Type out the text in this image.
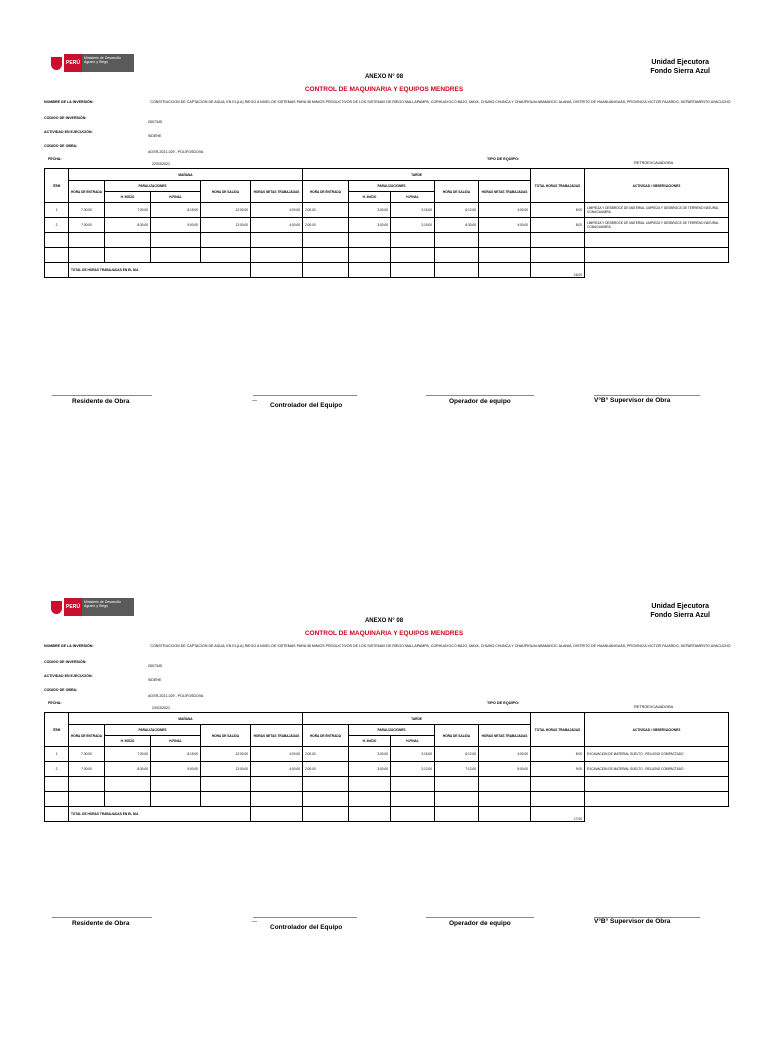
PERÚ
Ministerio de Desarrollo Agrario y Riego	Unidad Ejecutora
Fondo Sierra Azul
ANEXO N° 08
CONTROL DE MAQUINARIA Y EQUIPOS MENDRES
NOMBRE DE LA INVERSIÓN:	CONSTRUCCION DE CAPTACION DE AGUA; EN EL(LA) RIEGO A NIVEL DE SISTEMAS PARA 36 MINIOS PRODUCTIVOS DE LOS SISTEMAS DE RIEGO MALLAPAMPA, CORHUAYOCO BAJO, MAYA, CHUMO CHUNCA Y CHAUPIHUAI ABAMAYOC ALANIA, DISTRITO DE HUANUANGUAS, PROVINCIA VICTOR FAJARDO, DEPARTAMENTO AYACUCHO
CODIGO DE INVERSIÓN:
2507345
ACTIVIDAD EN EJECUCIÓN:
SIDEHE
CODIGO DE OBRA:
AGSR-2021-029 - POLIFOSDOVA
FECHA:
22/03/2021
TIPO DE EQUIPO:
RETROEXCAVADORA
ITEM	MAÑANA					TARDE					TOTAL HORAS TRABAJADAS	ACTIVIDAD / OBSERVACIONES
	HORA DE ENTRADA	PARALIZACIONES		HORA DE SALIDA	HORAS NETAS TRABAJADAS	HORA DE ENTRADA	PARALIZACIONES		HORA DE SALIDA	HORAS NETAS TRABAJADAS		
		H. INICIO	H.FINAL				H. INICIO	H.FINAL				
1	7:30:00	7:30:00	8:15:00	12:00:00	4:00:00	2:00:00	3:00:00	2:15:00	6:12:00	4:00:00	8:00	LIMPIEZA Y DESBROCE DE MATERIAL LIMPIEZA Y DESBROCE DE TERRENO NATURAL CONAGUANIRA
2	7:30:00	8:30:00	9:00:00	12:00:00	4:00:00	2:00:00	3:00:00	2:15:00	6:30:00	4:00:00	8:00	LIMPIEZA Y DESBROCE DE MATERIAL LIMPIEZA Y DESBROCE DE TERRENO NATURAL CONAGUANIRA

	TOTAL DE HORAS TRABAJADAS EN EL DIA										16:00	
Residente de Obra	—
Controlador del Equipo
Operador de equipo	V°B° Supervisor de Obra
PERÚ
Ministerio de Desarrollo Agrario y Riego	Unidad Ejecutora
Fondo Sierra Azul
ANEXO N° 08
CONTROL DE MAQUINARIA Y EQUIPOS MENDRES
NOMBRE DE LA INVERSIÓN:	CONSTRUCCION DE CAPTACION DE AGUA; EN EL(LA) RIEGO A NIVEL DE SISTEMAS PARA 36 MINIOS PRODUCTIVOS DE LOS SISTEMAS DE RIEGO MALLAPAMPA, CORHUAYOCO BAJO, MAYA, CHUMO CHUNCA Y CHAUPIHUAI ABAMAYOC ALANIA, DISTRITO DE HUANUANGUAS, PROVINCIA VICTOR FAJARDO, DEPARTAMENTO AYACUCHO
CODIGO DE INVERSIÓN:
2507345
ACTIVIDAD EN EJECUCIÓN:
SIDEHE
CODIGO DE OBRA:
AGSR-2021-029 - POLIFOSDOVA
FECHA:
23/03/2021
TIPO DE EQUIPO:
RETROEXCAVADORA
ITEM	MAÑANA					TARDE					TOTAL HORAS TRABAJADAS	ACTIVIDAD / OBSERVACIONES
	HORA DE ENTRADA	PARALIZACIONES		HORA DE SALIDA	HORAS NETAS TRABAJADAS	HORA DE ENTRADA	PARALIZACIONES		HORA DE SALIDA	HORAS NETAS TRABAJADAS		
		H. INICIO	H.FINAL				H. INICIO	H.FINAL				
1	7:30:00	7:30:00	8:15:00	12:00:00	4:00:00	2:00:00	3:00:00	2:15:00	6:12:00	4:00:00	8:00	EXCAVACION DE MATERIAL SUELTO - RELLENO COMPACTADO
2	7:30:00	8:30:00	9:00:00	12:00:00	4:00:00	2:00:00	3:00:00	2:12:00	7:12:00	5:00:00	9:00	EXCAVACION DE MATERIAL SUELTO - RELLENO COMPACTADO

	TOTAL DE HORAS TRABAJADAS EN EL DIA										17:00	
Residente de Obra	—
Controlador del Equipo
Operador de equipo	V°B° Supervisor de Obra
